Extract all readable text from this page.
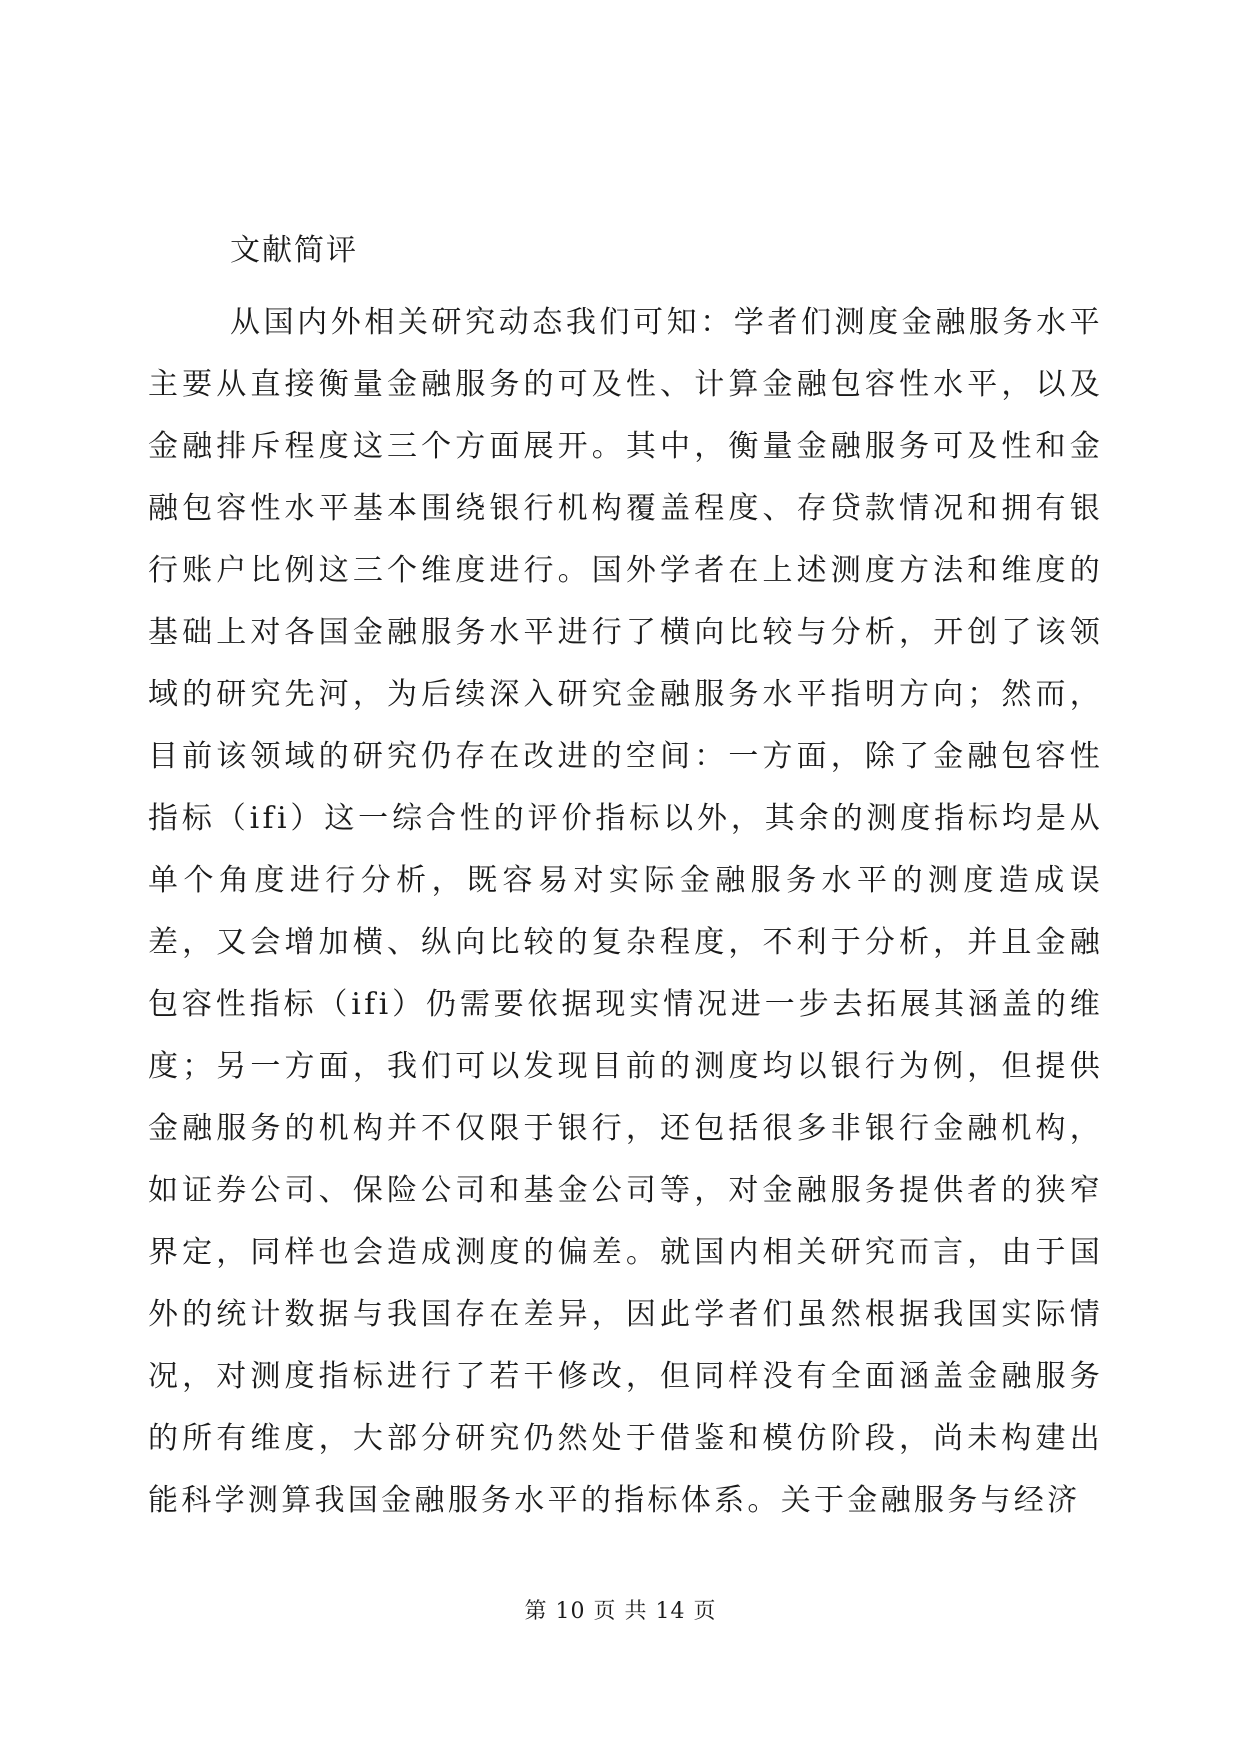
文献简评

从国内外相关研究动态我们可知：学者们测度金融服务水平主要从直接衡量金融服务的可及性、计算金融包容性水平，以及金融排斥程度这三个方面展开。其中，衡量金融服务可及性和金融包容性水平基本围绕银行机构覆盖程度、存贷款情况和拥有银行账户比例这三个维度进行。国外学者在上述测度方法和维度的基础上对各国金融服务水平进行了横向比较与分析，开创了该领域的研究先河，为后续深入研究金融服务水平指明方向；然而，目前该领域的研究仍存在改进的空间：一方面，除了金融包容性指标（ifi）这一综合性的评价指标以外，其余的测度指标均是从单个角度进行分析，既容易对实际金融服务水平的测度造成误差，又会增加横、纵向比较的复杂程度，不利于分析，并且金融包容性指标（ifi）仍需要依据现实情况进一步去拓展其涵盖的维度；另一方面，我们可以发现目前的测度均以银行为例，但提供金融服务的机构并不仅限于银行，还包括很多非银行金融机构，如证券公司、保险公司和基金公司等，对金融服务提供者的狭窄界定，同样也会造成测度的偏差。就国内相关研究而言，由于国外的统计数据与我国存在差异，因此学者们虽然根据我国实际情况，对测度指标进行了若干修改，但同样没有全面涵盖金融服务的所有维度，大部分研究仍然处于借鉴和模仿阶段，尚未构建出能科学测算我国金融服务水平的指标体系。关于金融服务与经济

第 10 页 共 14 页
